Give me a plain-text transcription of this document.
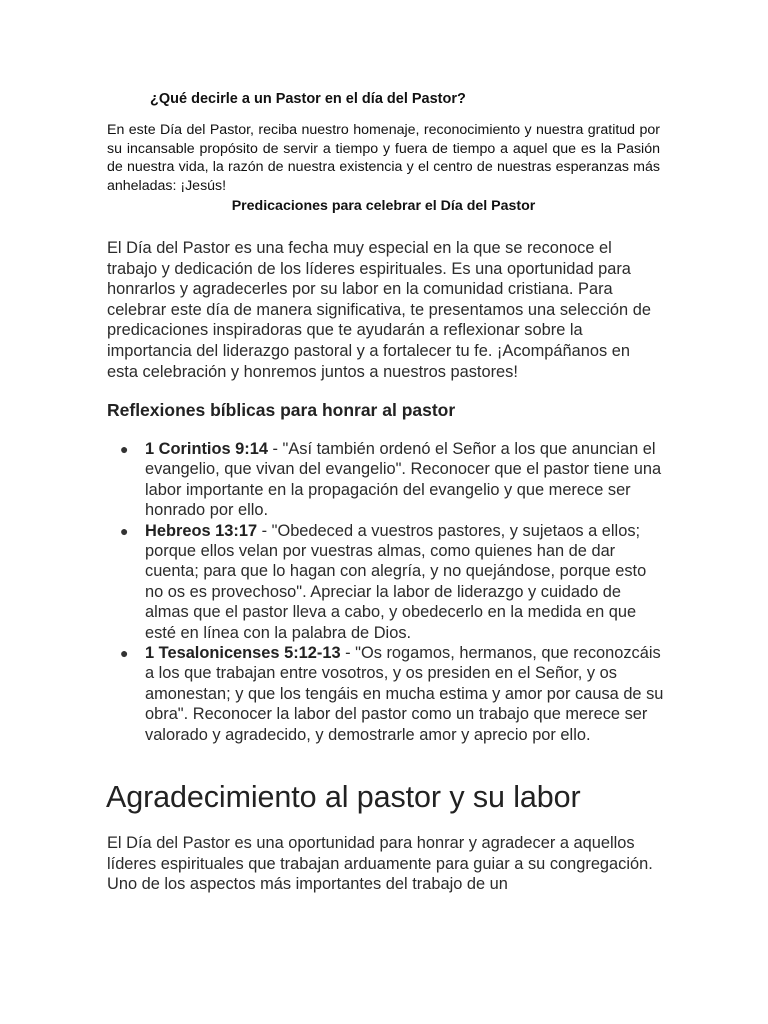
¿Qué decirle a un Pastor en el día del Pastor?

En este Día del Pastor, reciba nuestro homenaje, reconocimiento y nuestra gratitud por su incansable propósito de servir a tiempo y fuera de tiempo a aquel que es la Pasión de nuestra vida, la razón de nuestra existencia y el centro de nuestras esperanzas más anheladas: ¡Jesús!

Predicaciones para celebrar el Día del Pastor

El Día del Pastor es una fecha muy especial en la que se reconoce el trabajo y dedicación de los líderes espirituales. Es una oportunidad para honrarlos y agradecerles por su labor en la comunidad cristiana. Para celebrar este día de manera significativa, te presentamos una selección de predicaciones inspiradoras que te ayudarán a reflexionar sobre la importancia del liderazgo pastoral y a fortalecer tu fe. ¡Acompáñanos en esta celebración y honremos juntos a nuestros pastores!

Reflexiones bíblicas para honrar al pastor
● 1 Corintios 9:14 - "Así también ordenó el Señor a los que anuncian el evangelio, que vivan del evangelio". Reconocer que el pastor tiene una labor importante en la propagación del evangelio y que merece ser honrado por ello.
● Hebreos 13:17 - "Obedeced a vuestros pastores, y sujetaos a ellos; porque ellos velan por vuestras almas, como quienes han de dar cuenta; para que lo hagan con alegría, y no quejándose, porque esto no os es provechoso". Apreciar la labor de liderazgo y cuidado de almas que el pastor lleva a cabo, y obedecerlo en la medida en que esté en línea con la palabra de Dios.
● 1 Tesalonicenses 5:12-13 - "Os rogamos, hermanos, que reconozcáis a los que trabajan entre vosotros, y os presiden en el Señor, y os amonestan; y que los tengáis en mucha estima y amor por causa de su obra". Reconocer la labor del pastor como un trabajo que merece ser valorado y agradecido, y demostrarle amor y aprecio por ello.
Agradecimiento al pastor y su labor

El Día del Pastor es una oportunidad para honrar y agradecer a aquellos líderes espirituales que trabajan arduamente para guiar a su congregación. Uno de los aspectos más importantes del trabajo de un
